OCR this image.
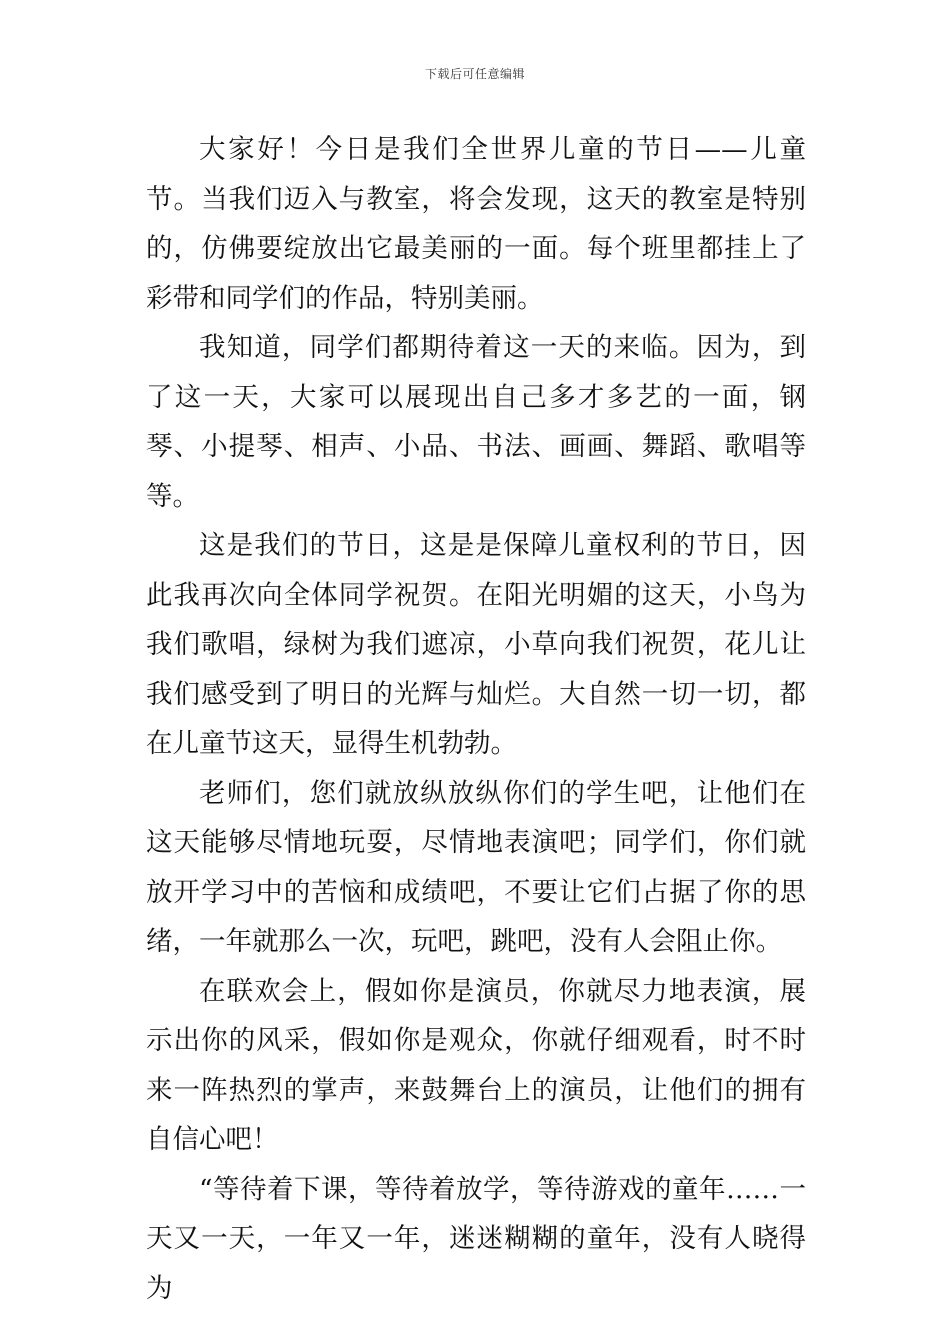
下载后可任意编辑

大家好！今日是我们全世界儿童的节日——儿童节。当我们迈入与教室，将会发现，这天的教室是特别的，仿佛要绽放出它最美丽的一面。每个班里都挂上了彩带和同学们的作品，特别美丽。

我知道，同学们都期待着这一天的来临。因为，到了这一天，大家可以展现出自己多才多艺的一面，钢琴、小提琴、相声、小品、书法、画画、舞蹈、歌唱等等。

这是我们的节日，这是是保障儿童权利的节日，因此我再次向全体同学祝贺。在阳光明媚的这天，小鸟为我们歌唱，绿树为我们遮凉，小草向我们祝贺，花儿让我们感受到了明日的光辉与灿烂。大自然一切一切，都在儿童节这天，显得生机勃勃。

老师们，您们就放纵放纵你们的学生吧，让他们在这天能够尽情地玩耍，尽情地表演吧；同学们，你们就放开学习中的苦恼和成绩吧，不要让它们占据了你的思绪，一年就那么一次，玩吧，跳吧，没有人会阻止你。

在联欢会上，假如你是演员，你就尽力地表演，展示出你的风采，假如你是观众，你就仔细观看，时不时来一阵热烈的掌声，来鼓舞台上的演员，让他们的拥有自信心吧！

“等待着下课，等待着放学，等待游戏的童年……一天又一天，一年又一年，迷迷糊糊的童年，没有人晓得为
